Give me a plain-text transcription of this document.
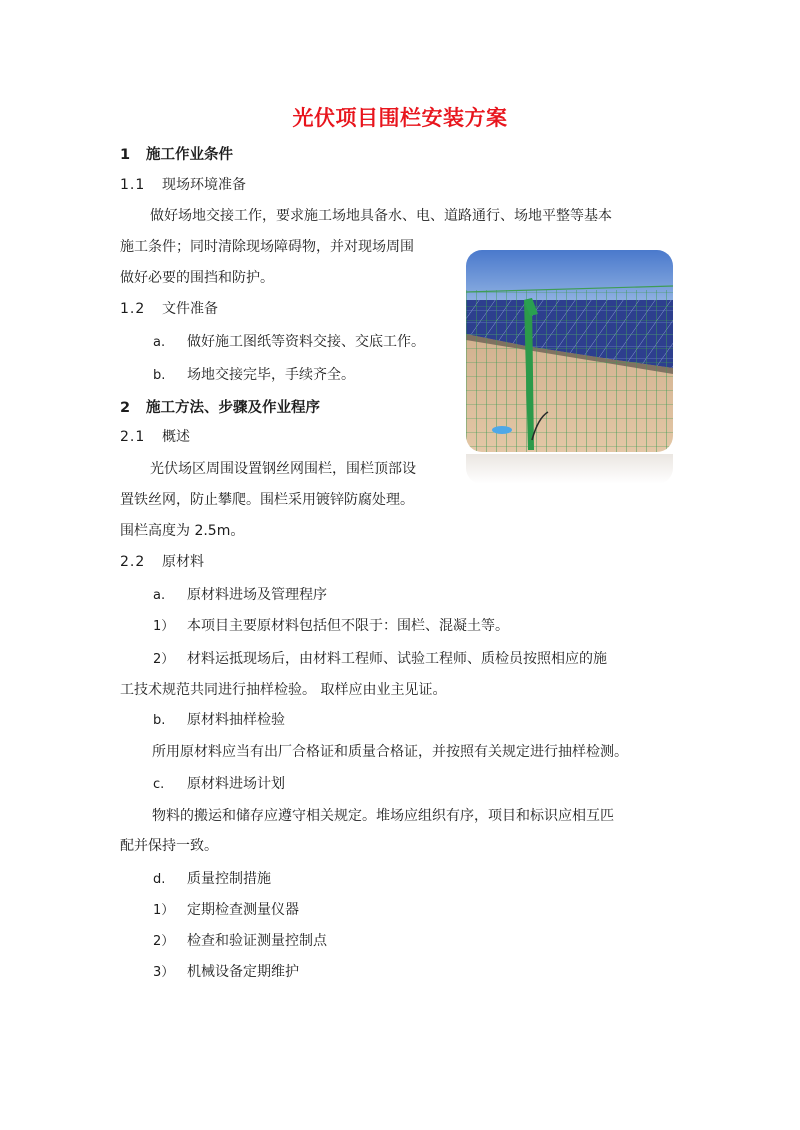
光伏项目围栏安装方案
1 施工作业条件
1.1 现场环境准备
做好场地交接工作，要求施工场地具备水、电、道路通行、场地平整等基本
施工条件；同时清除现场障碍物，并对现场周围
做好必要的围挡和防护。
1.2 文件准备
a. 做好施工图纸等资料交接、交底工作。
b. 场地交接完毕，手续齐全。
2 施工方法、步骤及作业程序
2.1 概述
光伏场区周围设置钢丝网围栏，围栏顶部设
置铁丝网，防止攀爬。围栏采用镀锌防腐处理。
围栏高度为 2.5m。
2.2 原材料
a. 原材料进场及管理程序
1） 本项目主要原材料包括但不限于：围栏、混凝土等。
2） 材料运抵现场后，由材料工程师、试验工程师、质检员按照相应的施
工技术规范共同进行抽样检验。 取样应由业主见证。
b. 原材料抽样检验
所用原材料应当有出厂合格证和质量合格证，并按照有关规定进行抽样检测。
c. 原材料进场计划
物料的搬运和储存应遵守相关规定。堆场应组织有序，项目和标识应相互匹
配并保持一致。
d. 质量控制措施
1） 定期检查测量仪器
2） 检查和验证测量控制点
3） 机械设备定期维护
